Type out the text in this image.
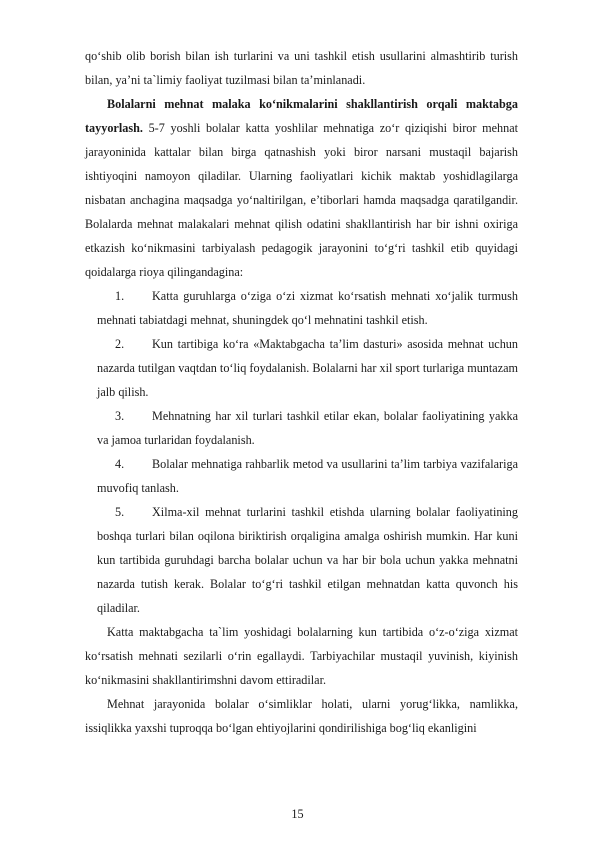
qo‘shib olib borish bilan ish turlarini va uni tashkil etish usullarini almashtirib turish bilan, ya’ni ta`limiy faoliyat tuzilmasi bilan ta’minlanadi.

Bolalarni mehnat malaka ko‘nikmalarini shakllantirish orqali maktabga tayyorlash. 5-7 yoshli bolalar katta yoshlilar mehnatiga zo‘r qiziqishi biror mehnat jarayoninida kattalar bilan birga qatnashish yoki biror narsani mustaqil bajarish ishtiyoqini namoyon qiladilar. Ularning faoliyatlari kichik maktab yoshidlagilarga nisbatan anchagina maqsadga yo‘naltirilgan, e’tiborlari hamda maqsadga qaratilgandir. Bolalarda mehnat malakalari mehnat qilish odatini shakllantirish har bir ishni oxiriga etkazish ko‘nikmasini tarbiyalash pedagogik jarayonini to‘g‘ri tashkil etib quyidagi qoidalarga rioya qilingandagina:

1.	Katta guruhlarga o‘ziga o‘zi xizmat ko‘rsatish mehnati xo‘jalik turmush mehnati tabiatdagi mehnat, shuningdek qo‘l mehnatini tashkil etish.

2.	Kun tartibiga ko‘ra «Maktabgacha ta’lim dasturi» asosida mehnat uchun nazarda tutilgan vaqtdan to‘liq foydalanish. Bolalarni har xil sport turlariga muntazam jalb qilish.

3.	Mehnatning har xil turlari tashkil etilar ekan, bolalar faoliyatining yakka va jamoa turlaridan foydalanish.

4.	Bolalar mehnatiga rahbarlik metod va usullarini ta’lim tarbiya vazifalariga muvofiq tanlash.

5.	Xilma-xil mehnat turlarini tashkil etishda ularning bolalar faoliyatining boshqa turlari bilan oqilona biriktirish orqaligina amalga oshirish mumkin. Har kuni kun tartibida guruhdagi barcha bolalar uchun va har bir bola uchun yakka mehnatni nazarda tutish kerak. Bolalar to‘g‘ri tashkil etilgan mehnatdan katta quvonch his qiladilar.

Katta maktabgacha ta`lim yoshidagi bolalarning kun tartibida o‘z-o‘ziga xizmat ko‘rsatish mehnati sezilarli o‘rin egallaydi. Tarbiyachilar mustaqil yuvinish, kiyinish ko‘nikmasini shakllantirimshni davom ettiradilar.

Mehnat jarayonida bolalar o‘simliklar holati, ularni yorug‘likka, namlikka, issiqlikka yaxshi tuproqqa bo‘lgan ehtiyojlarini qondirilishiga bog‘liq ekanligini

15
